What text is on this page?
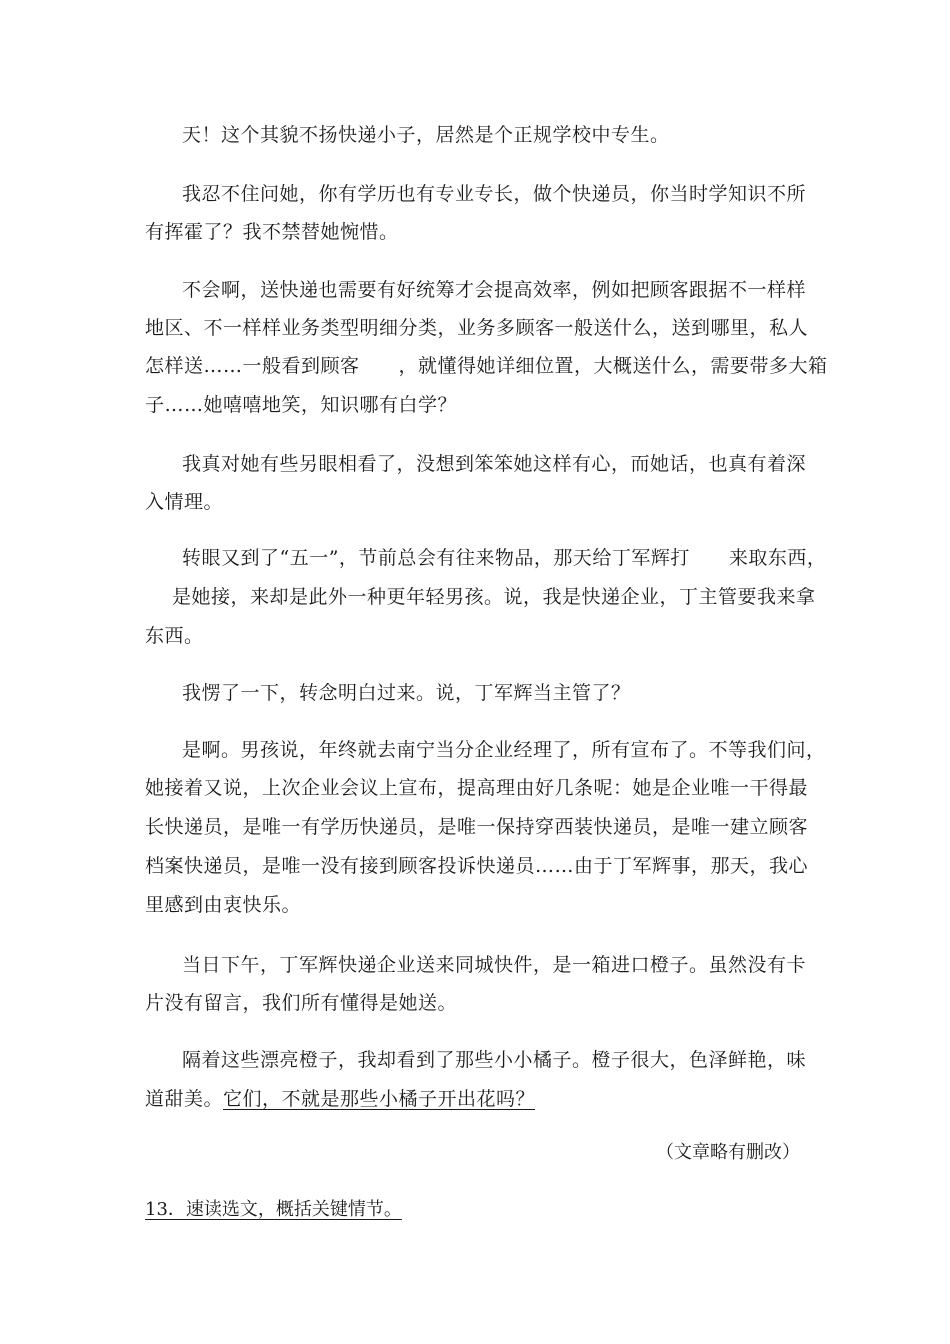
天！这个其貌不扬快递小子，居然是个正规学校中专生。
我忍不住问她，你有学历也有专业专长，做个快递员，你当时学知识不所
有挥霍了？我不禁替她惋惜。
不会啊，送快递也需要有好统筹才会提高效率，例如把顾客跟据不一样样
地区、不一样样业务类型明细分类，业务多顾客一般送什么，送到哪里，私人
怎样送……一般看到顾客　　，就懂得她详细位置，大概送什么，需要带多大箱
子……她嘻嘻地笑，知识哪有白学？
我真对她有些另眼相看了，没想到笨笨她这样有心，而她话，也真有着深
入情理。
转眼又到了“五一”，节前总会有往来物品，那天给丁军辉打　　来取东西，
是她接，来却是此外一种更年轻男孩。说，我是快递企业，丁主管要我来拿
东西。
我愣了一下，转念明白过来。说，丁军辉当主管了？
是啊。男孩说，年终就去南宁当分企业经理了，所有宣布了。不等我们问，
她接着又说，上次企业会议上宣布，提高理由好几条呢：她是企业唯一干得最
长快递员，是唯一有学历快递员，是唯一保持穿西装快递员，是唯一建立顾客
档案快递员，是唯一没有接到顾客投诉快递员……由于丁军辉事，那天，我心
里感到由衷快乐。
当日下午，丁军辉快递企业送来同城快件，是一箱进口橙子。虽然没有卡
片没有留言，我们所有懂得是她送。
隔着这些漂亮橙子，我却看到了那些小小橘子。橙子很大，色泽鲜艳，味
道甜美。它们，不就是那些小橘子开出花吗？
（文章略有删改）
13．速读选文，概括关键情节。
